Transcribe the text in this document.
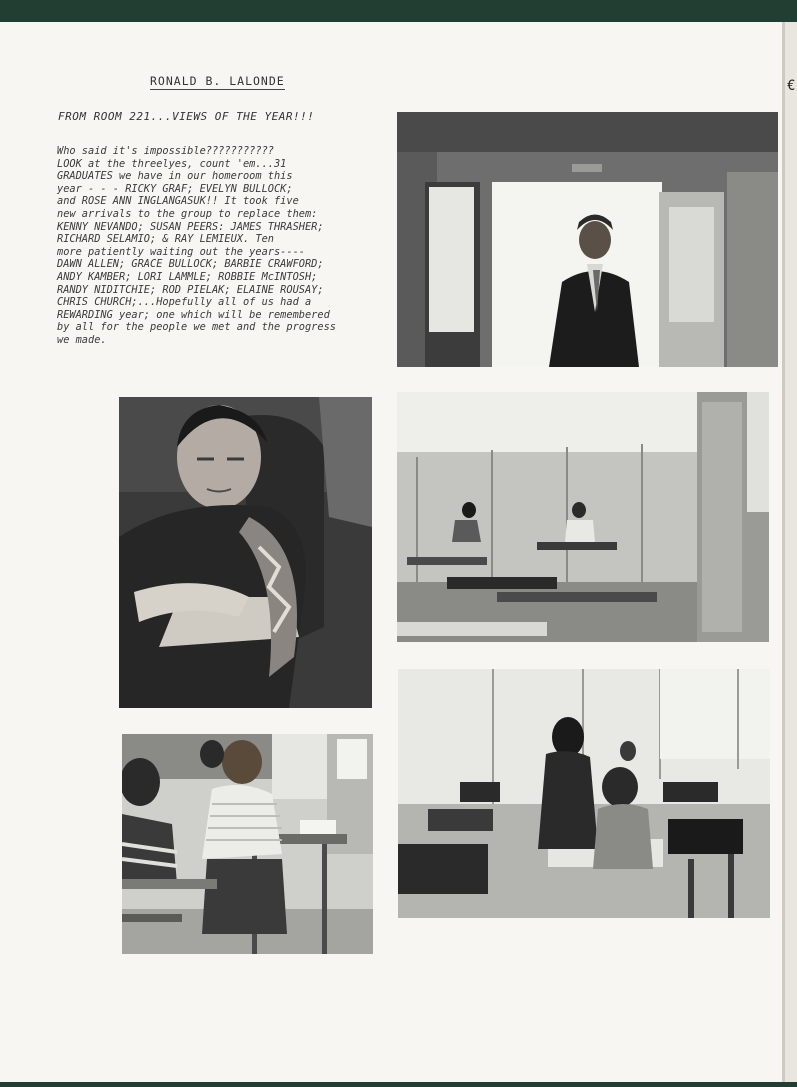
€
RONALD B. LALONDE
FROM ROOM 221...VIEWS OF THE YEAR!!!

Who said it's impossible???????????
LOOK at the threelyes, count 'em...31
GRADUATES we have in our homeroom this
year - - - RICKY GRAF; EVELYN BULLOCK;
and ROSE ANN INGLANGASUK!! It took five
new arrivals to the group to replace them:
KENNY NEVANDO; SUSAN PEERS: JAMES THRASHER;
RICHARD SELAMIO; & RAY LEMIEUX. Ten
more patiently waiting out the years----
DAWN ALLEN; GRACE BULLOCK; BARBIE CRAWFORD;
ANDY KAMBER; LORI LAMMLE; ROBBIE McINTOSH;
RANDY NIDITCHIE; ROD PIELAK; ELAINE ROUSAY;
CHRIS CHURCH;...Hopefully all of us had a
REWARDING year; one which will be remembered
by all for the people we met and the progress
we made.
